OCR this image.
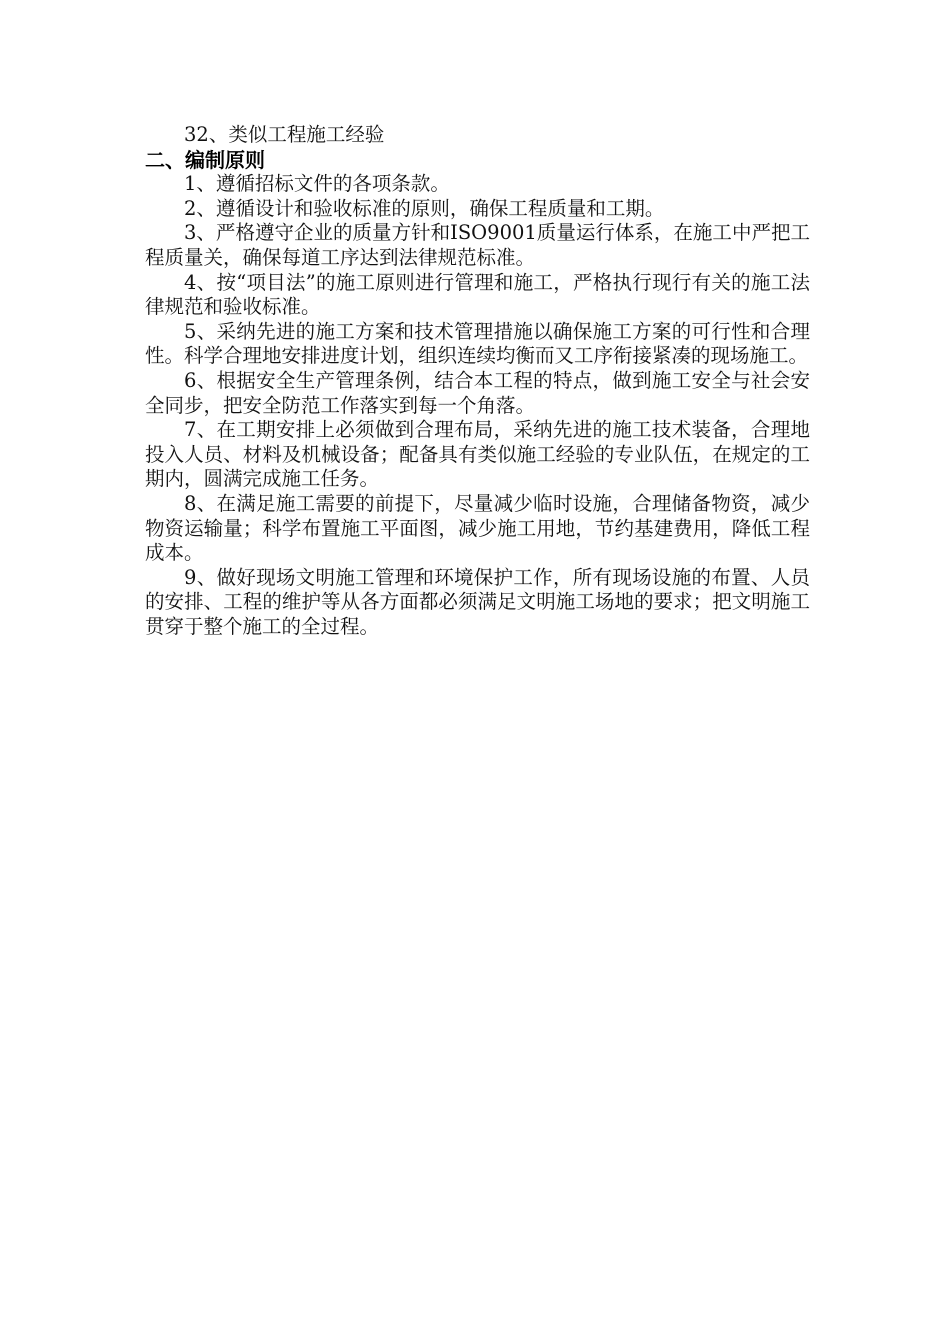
32、类似工程施工经验

二、编制原则

1、遵循招标文件的各项条款。

2、遵循设计和验收标准的原则，确保工程质量和工期。

3、严格遵守企业的质量方针和ISO9001质量运行体系，在施工中严把工程质量关，确保每道工序达到法律规范标准。

4、按“项目法”的施工原则进行管理和施工，严格执行现行有关的施工法律规范和验收标准。

5、采纳先进的施工方案和技术管理措施以确保施工方案的可行性和合理性。科学合理地安排进度计划，组织连续均衡而又工序衔接紧凑的现场施工。

6、根据安全生产管理条例，结合本工程的特点，做到施工安全与社会安全同步，把安全防范工作落实到每一个角落。

7、在工期安排上必须做到合理布局，采纳先进的施工技术装备，合理地投入人员、材料及机械设备；配备具有类似施工经验的专业队伍，在规定的工期内，圆满完成施工任务。

8、在满足施工需要的前提下，尽量减少临时设施，合理储备物资，减少物资运输量；科学布置施工平面图，减少施工用地，节约基建费用，降低工程成本。

9、做好现场文明施工管理和环境保护工作，所有现场设施的布置、人员的安排、工程的维护等从各方面都必须满足文明施工场地的要求；把文明施工贯穿于整个施工的全过程。
